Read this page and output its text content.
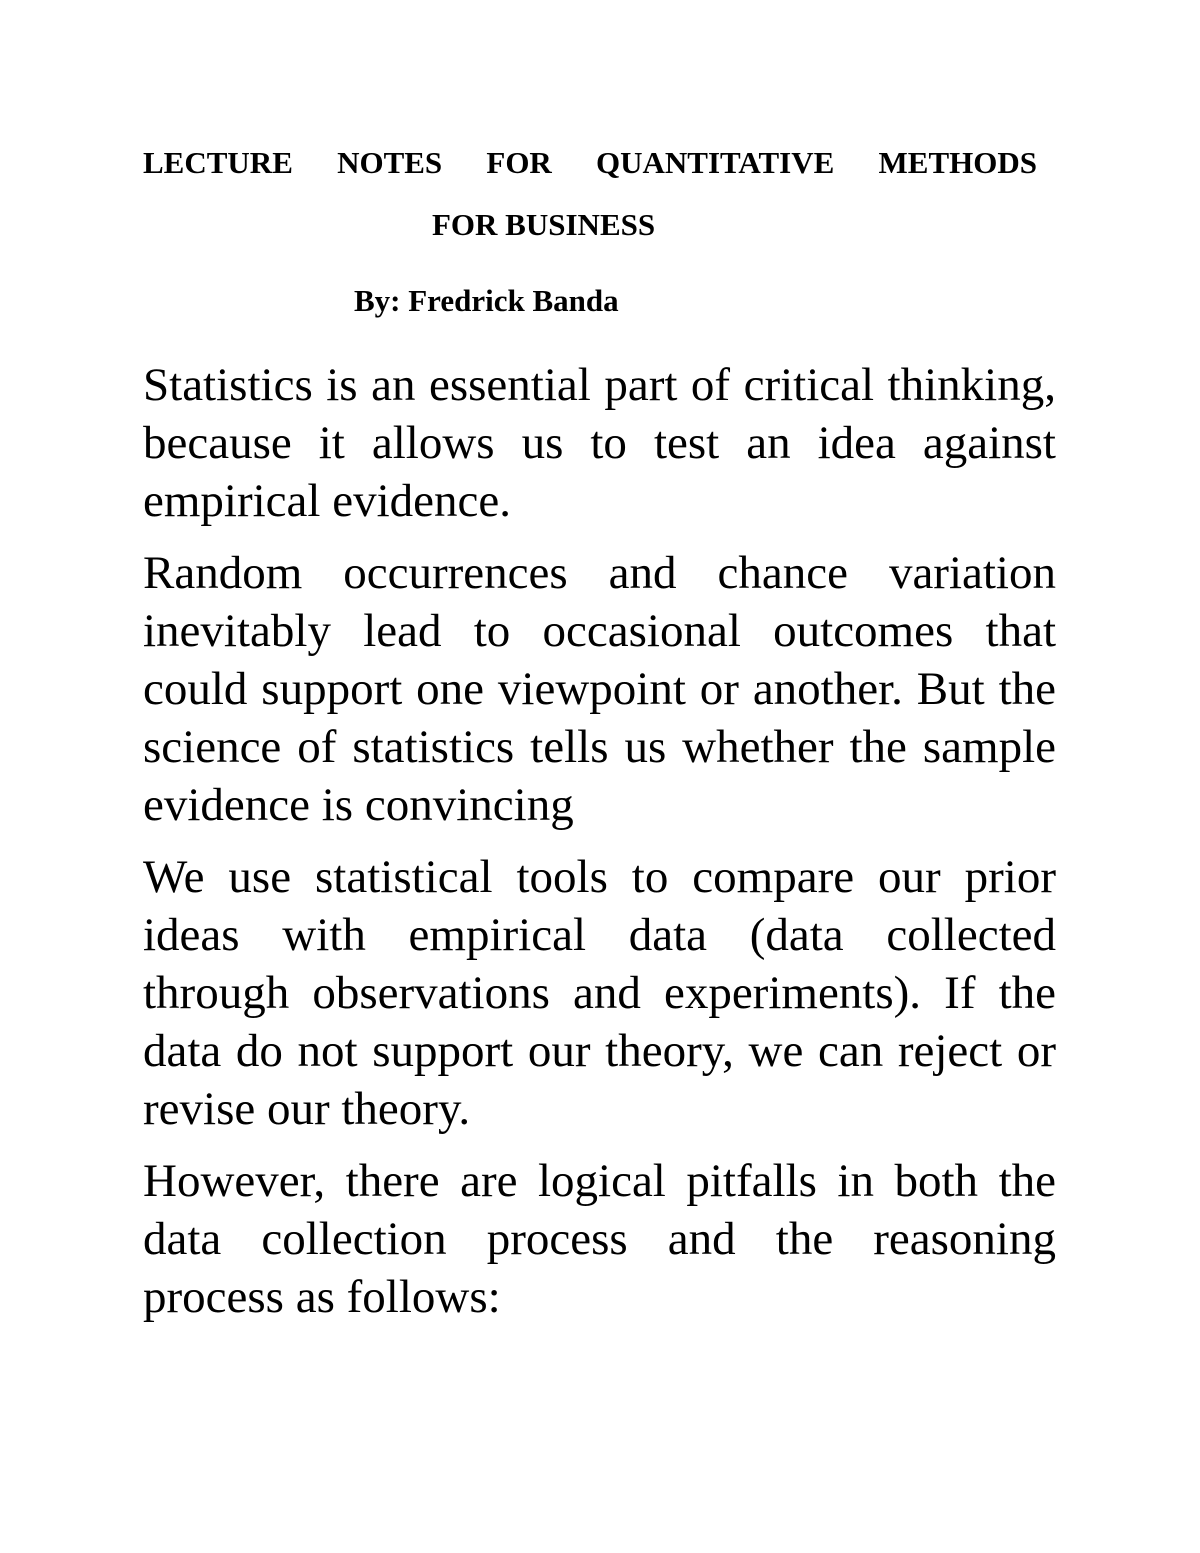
LECTURE NOTES FOR QUANTITATIVE METHODS
FOR BUSINESS
By: Fredrick Banda

Statistics is an essential part of critical thinking, because it allows us to test an idea against empirical evidence.

Random occurrences and chance variation inevitably lead to occasional outcomes that could support one viewpoint or another. But the science of statistics tells us whether the sample evidence is convincing

We use statistical tools to compare our prior ideas with empirical data (data collected through observations and experiments). If the data do not support our theory, we can reject or revise our theory.

However, there are logical pitfalls in both the data collection process and the reasoning process as follows:
